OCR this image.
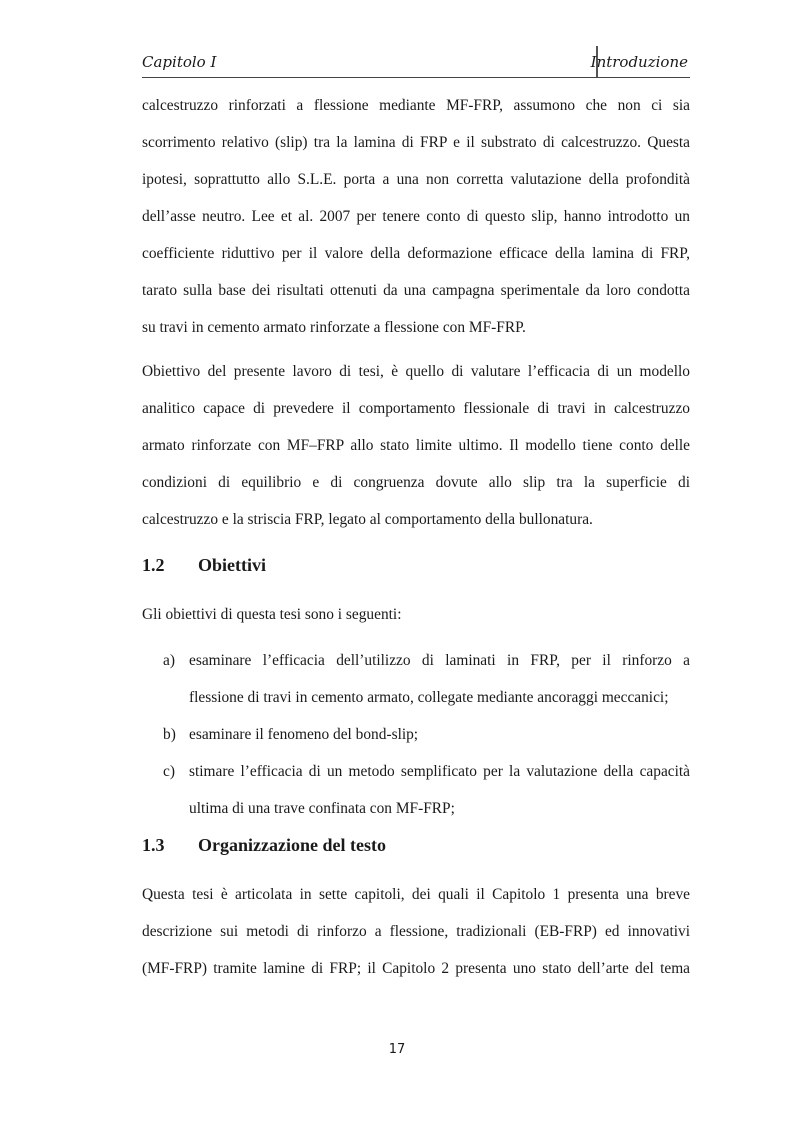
Capitolo I	Introduzione
calcestruzzo rinforzati a flessione mediante MF-FRP, assumono che non ci sia
scorrimento relativo (slip) tra la lamina di FRP e il substrato di calcestruzzo. Questa
ipotesi, soprattutto allo S.L.E. porta a una non corretta valutazione della profondità
dell’asse neutro. Lee et al. 2007 per tenere conto di questo slip, hanno introdotto un
coefficiente riduttivo per il valore della deformazione efficace della lamina di FRP,
tarato sulla base dei risultati ottenuti da una campagna sperimentale da loro condotta
su travi in cemento armato rinforzate a flessione con MF-FRP.
Obiettivo del presente lavoro di tesi, è quello di valutare l’efficacia di un modello
analitico capace di prevedere il comportamento flessionale di travi in calcestruzzo
armato rinforzate con MF–FRP allo stato limite ultimo. Il modello tiene conto delle
condizioni di equilibrio e di congruenza dovute allo slip tra la superficie di
calcestruzzo e la striscia FRP, legato al comportamento della bullonatura.
1.2 Obiettivi
Gli obiettivi di questa tesi sono i seguenti:
a) esaminare l’efficacia dell’utilizzo di laminati in FRP, per il rinforzo a
flessione di travi in cemento armato, collegate mediante ancoraggi meccanici;
b) esaminare il fenomeno del bond-slip;
c) stimare l’efficacia di un metodo semplificato per la valutazione della capacità
ultima di una trave confinata con MF-FRP;
1.3 Organizzazione del testo
Questa tesi è articolata in sette capitoli, dei quali il Capitolo 1 presenta una breve
descrizione sui metodi di rinforzo a flessione, tradizionali (EB-FRP) ed innovativi
(MF-FRP) tramite lamine di FRP; il Capitolo 2 presenta uno stato dell’arte del tema
17
